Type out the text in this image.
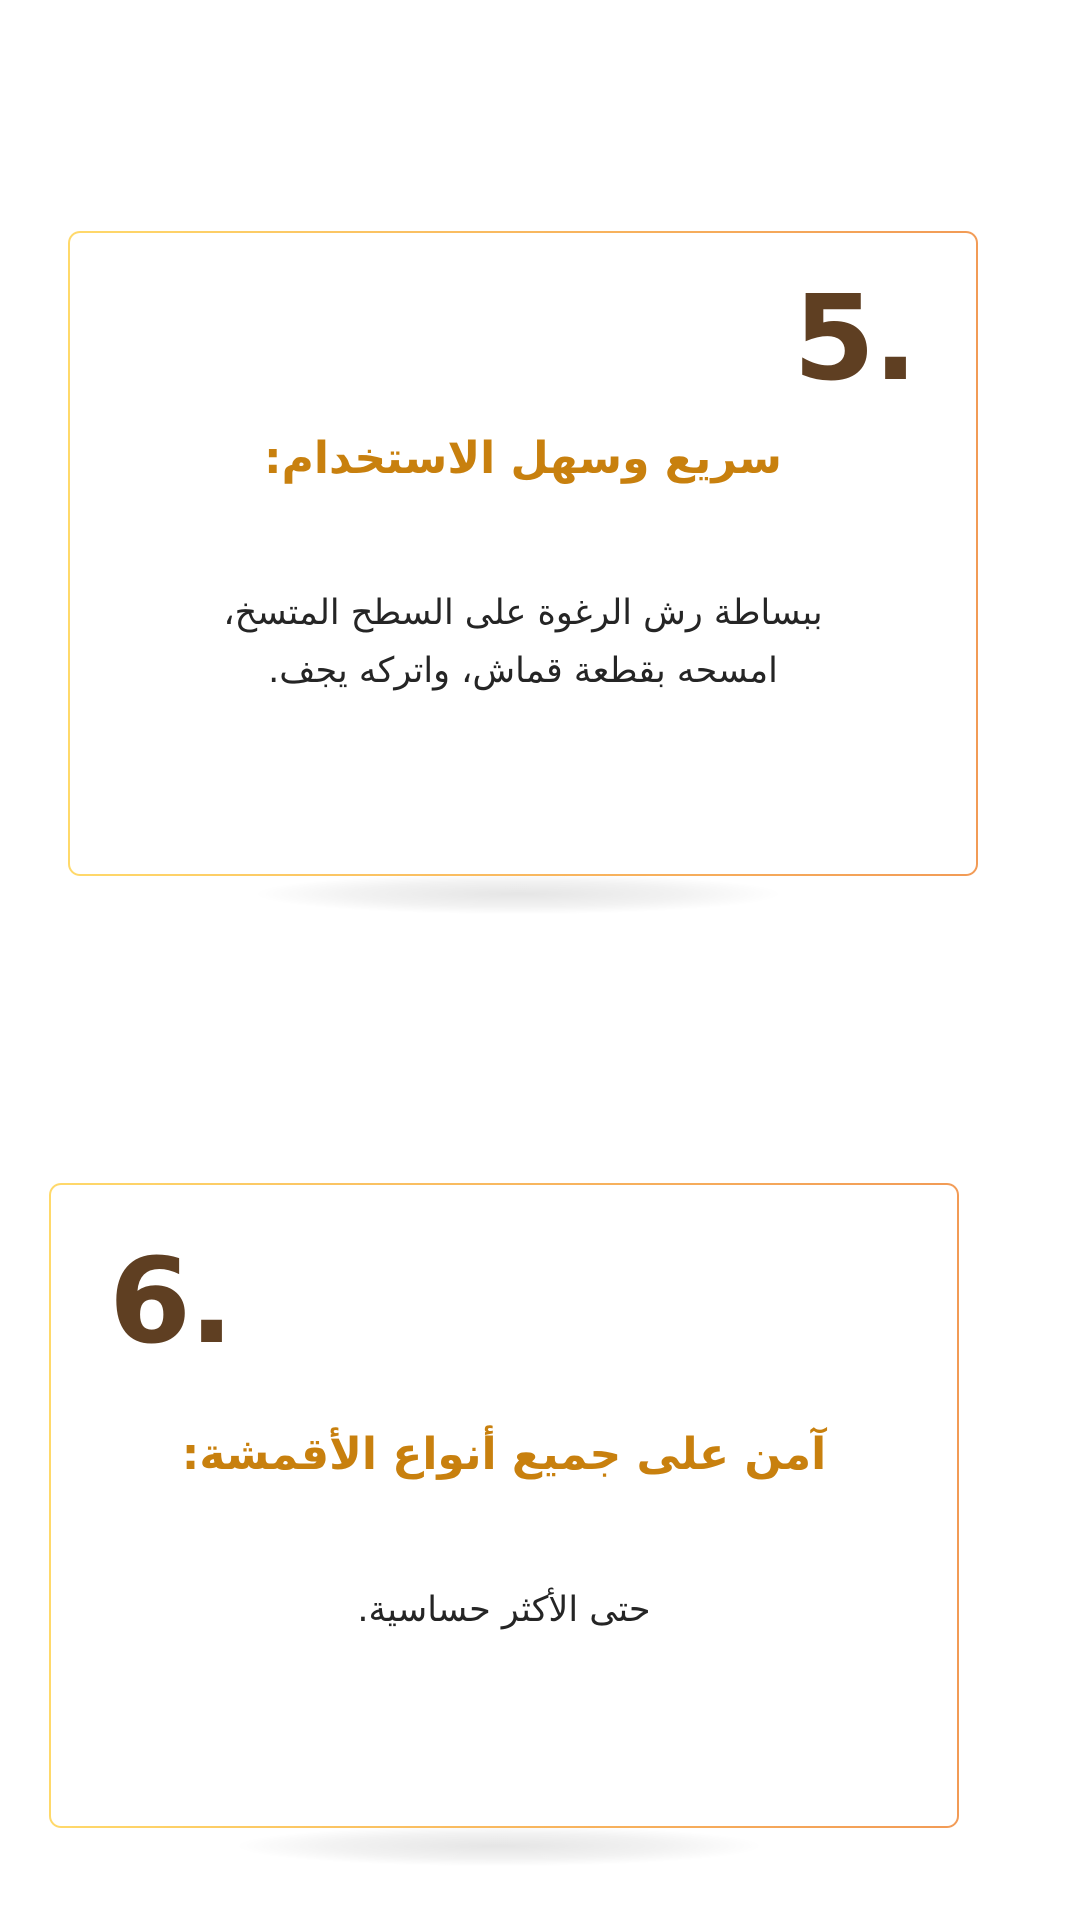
5.
سريع وسهل الاستخدام:
ببساطة رش الرغوة على السطح المتسخ،
امسحه بقطعة قماش، واتركه يجف.
6.
آمن على جميع أنواع الأقمشة:
حتى الأكثر حساسية.
